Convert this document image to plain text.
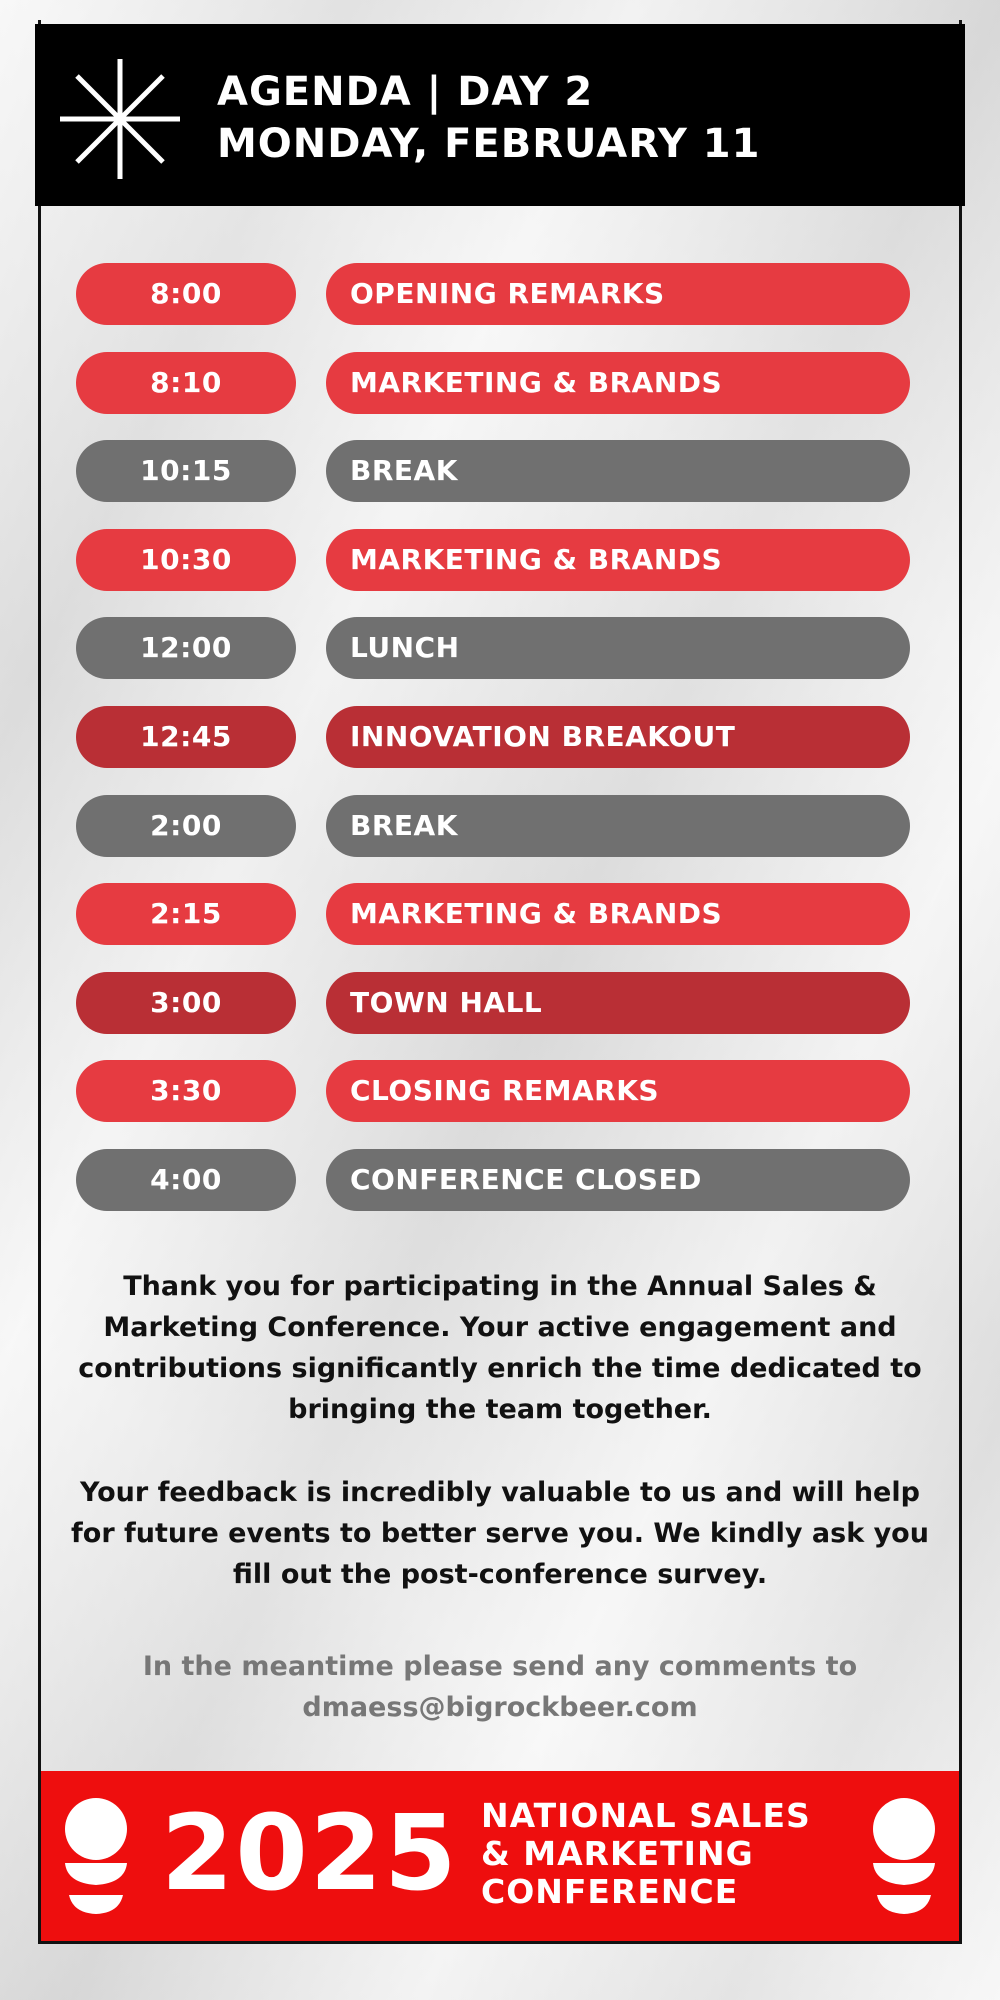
AGENDA | DAY 2
MONDAY, FEBRUARY 11
8:00	OPENING REMARKS
8:10	MARKETING & BRANDS
10:15	BREAK
10:30	MARKETING & BRANDS
12:00	LUNCH
12:45	INNOVATION BREAKOUT
2:00	BREAK
2:15	MARKETING & BRANDS
3:00	TOWN HALL
3:30	CLOSING REMARKS
4:00	CONFERENCE CLOSED

Thank you for participating in the Annual Sales & Marketing Conference. Your active engagement and contributions significantly enrich the time dedicated to bringing the team together.

Your feedback is incredibly valuable to us and will help for future events to better serve you. We kindly ask you fill out the post-conference survey.

In the meantime please send any comments to
dmaess@bigrockbeer.com
2025 NATIONAL SALES
& MARKETING
CONFERENCE
